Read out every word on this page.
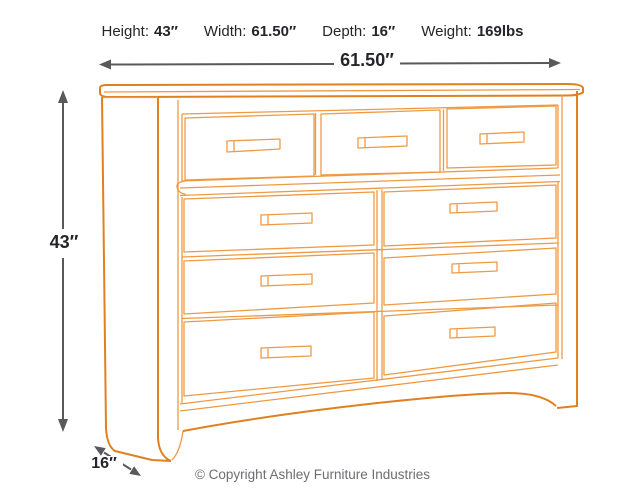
Height: 43″ Width: 61.50″ Depth: 16″ Weight: 169lbs
61.50″
43″
16″
© Copyright Ashley Furniture Industries
